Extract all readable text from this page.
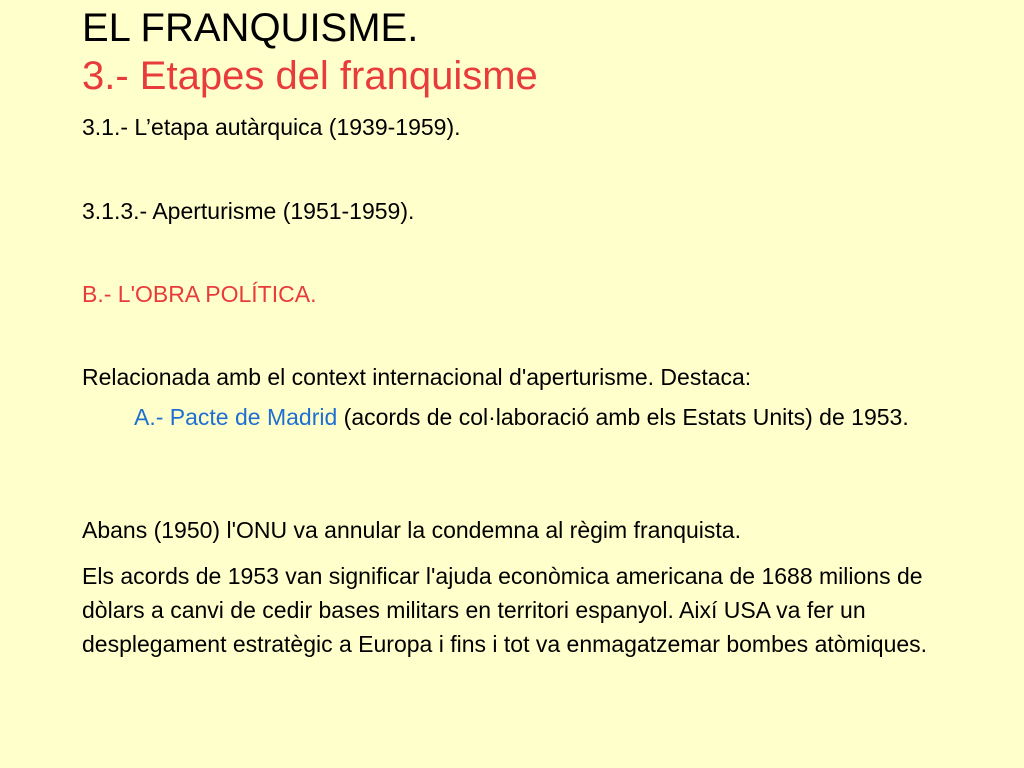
EL FRANQUISME.
3.- Etapes del franquisme

3.1.- L’etapa autàrquica (1939-1959).

3.1.3.- Aperturisme (1951-1959).

B.- L'OBRA POLÍTICA.

Relacionada amb el context internacional d'aperturisme. Destaca:

A.- Pacte de Madrid (acords de col·laboració amb els Estats Units) de 1953.

Abans (1950) l'ONU va annular la condemna al règim franquista.

Els acords de 1953 van significar l'ajuda econòmica americana de 1688 milions de dòlars a canvi de cedir bases militars en territori espanyol. Així USA va fer un desplegament estratègic a Europa i fins i tot va enmagatzemar bombes atòmiques.
